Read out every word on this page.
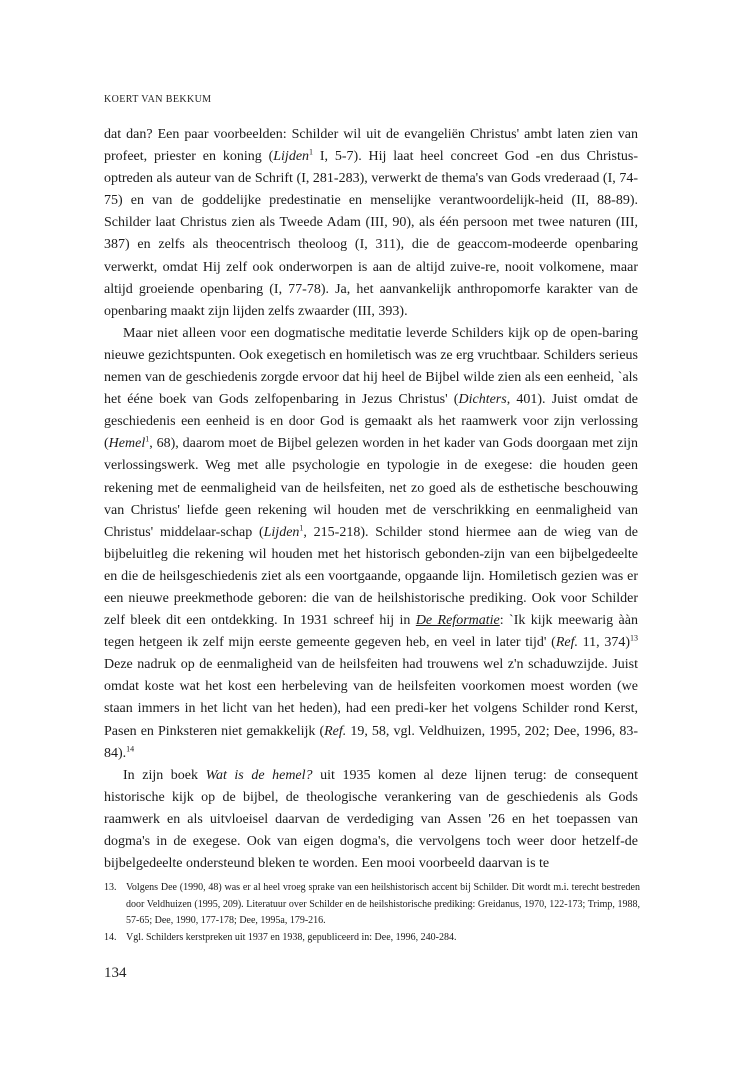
KOERT VAN BEKKUM

dat dan? Een paar voorbeelden: Schilder wil uit de evangeliën Christus' ambt laten zien van profeet, priester en koning (Lijden$^1$ I, 5-7). Hij laat heel concreet God -en dus Christus- optreden als auteur van de Schrift (I, 281-283), verwerkt de thema's van Gods vrederaad (I, 74-75) en van de goddelijke predestinatie en menselijke verantwoordelijk-heid (II, 88-89). Schilder laat Christus zien als Tweede Adam (III, 90), als één persoon met twee naturen (III, 387) en zelfs als theocentrisch theoloog (I, 311), die de geaccom-modeerde openbaring verwerkt, omdat Hij zelf ook onderworpen is aan de altijd zuive-re, nooit volkomene, maar altijd groeiende openbaring (I, 77-78). Ja, het aanvankelijk anthropomorfe karakter van de openbaring maakt zijn lijden zelfs zwaarder (III, 393).

Maar niet alleen voor een dogmatische meditatie leverde Schilders kijk op de open-baring nieuwe gezichtspunten. Ook exegetisch en homiletisch was ze erg vruchtbaar. Schilders serieus nemen van de geschiedenis zorgde ervoor dat hij heel de Bijbel wilde zien als een eenheid, `als het ééne boek van Gods zelfopenbaring in Jezus Christus' (Dichters, 401). Juist omdat de geschiedenis een eenheid is en door God is gemaakt als het raamwerk voor zijn verlossing (Hemel$^1$, 68), daarom moet de Bijbel gelezen worden in het kader van Gods doorgaan met zijn verlossingswerk. Weg met alle psychologie en typologie in de exegese: die houden geen rekening met de eenmaligheid van de heilsfeiten, net zo goed als de esthetische beschouwing van Christus' liefde geen rekening wil houden met de verschrikking en eenmaligheid van Christus' middelaar-schap (Lijden$^1$, 215-218). Schilder stond hiermee aan de wieg van de bijbeluitleg die rekening wil houden met het historisch gebonden-zijn van een bijbelgedeelte en die de heilsgeschiedenis ziet als een voortgaande, opgaande lijn. Homiletisch gezien was er een nieuwe preekmethode geboren: die van de heilshistorische prediking. Ook voor Schilder zelf bleek dit een ontdekking. In 1931 schreef hij in De Reformatie: `Ik kijk meewarig ààn tegen hetgeen ik zelf mijn eerste gemeente gegeven heb, en veel in later tijd' (Ref. 11, 374)$^{13}$ Deze nadruk op de eenmaligheid van de heilsfeiten had trouwens wel z'n schaduwzijde. Juist omdat koste wat het kost een herbeleving van de heilsfeiten voorkomen moest worden (we staan immers in het licht van het heden), had een predi-ker het volgens Schilder rond Kerst, Pasen en Pinksteren niet gemakkelijk (Ref. 19, 58, vgl. Veldhuizen, 1995, 202; Dee, 1996, 83-84).$^{14}$

In zijn boek Wat is de hemel? uit 1935 komen al deze lijnen terug: de consequent historische kijk op de bijbel, de theologische verankering van de geschiedenis als Gods raamwerk en als uitvloeisel daarvan de verdediging van Assen '26 en het toepassen van dogma's in de exegese. Ook van eigen dogma's, die vervolgens toch weer door hetzelf-de bijbelgedeelte ondersteund bleken te worden. Een mooi voorbeeld daarvan is te

13. Volgens Dee (1990, 48) was er al heel vroeg sprake van een heilshistorisch accent bij Schilder. Dit wordt m.i. terecht bestreden door Veldhuizen (1995, 209). Literatuur over Schilder en de heilshistorische prediking: Greidanus, 1970, 122-173; Trimp, 1988, 57-65; Dee, 1990, 177-178; Dee, 1995a, 179-216.
14. Vgl. Schilders kerstpreken uit 1937 en 1938, gepubliceerd in: Dee, 1996, 240-284.
134
